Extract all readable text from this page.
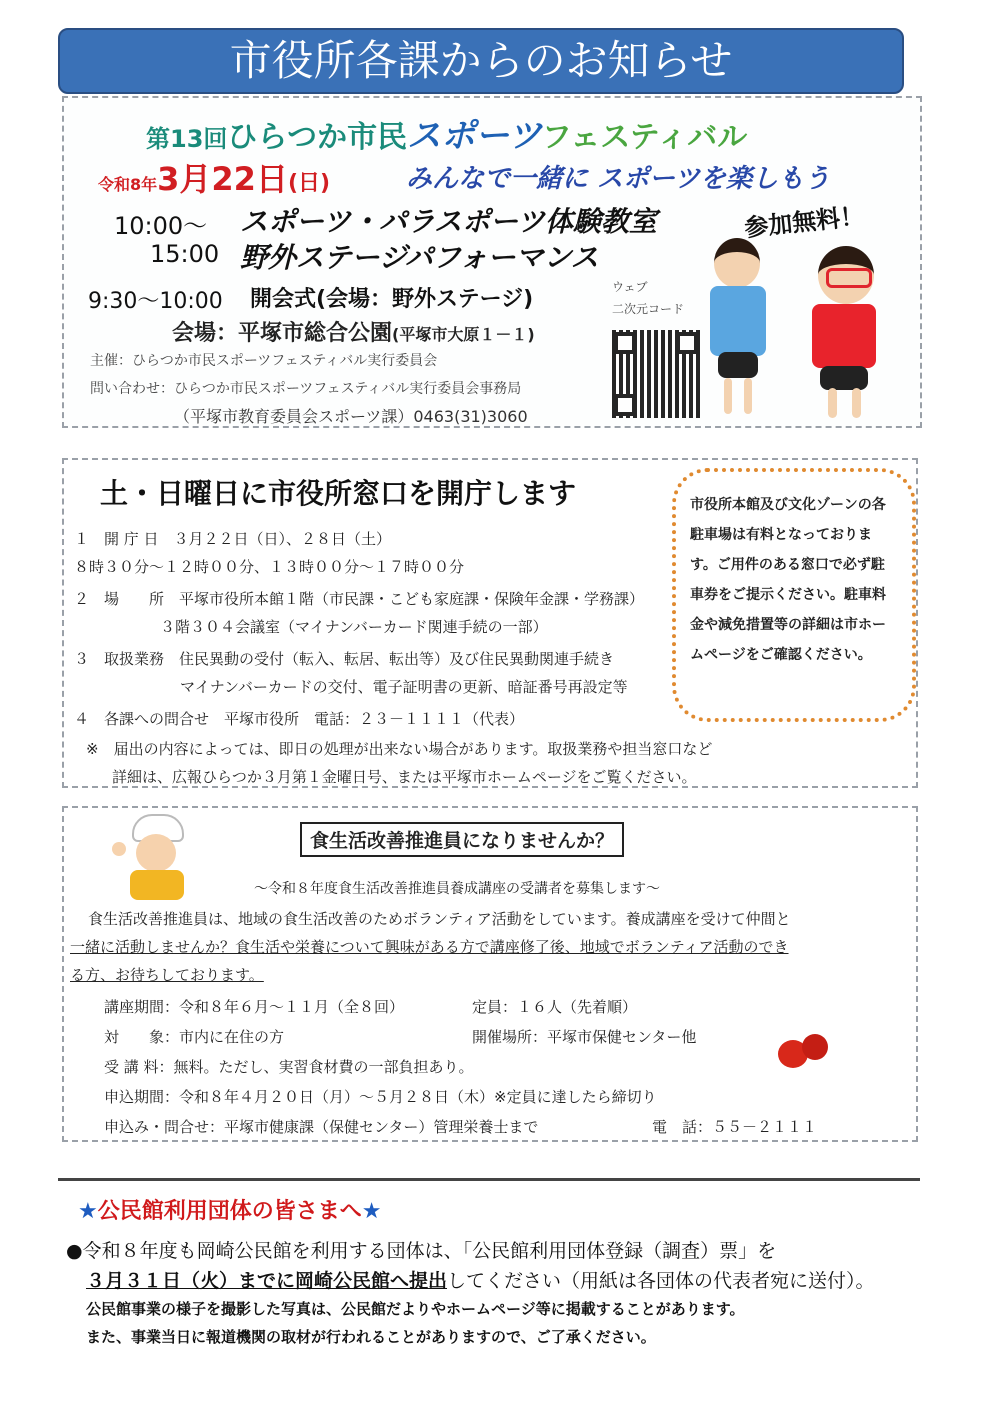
市役所各課からのお知らせ
第13回ひらつか市民スポーツフェスティバル
令和8年3月22日(日)	みんなで一緒に スポーツを楽しもう
10:00～ スポーツ・パラスポーツ体験教室
15:00 野外ステージパフォーマンス
参加無料！
9:30～10:00 開会式(会場：野外ステージ)
会場：平塚市総合公園(平塚市大原１－１)
主催：ひらつか市民スポーツフェスティバル実行委員会
問い合わせ：ひらつか市民スポーツフェスティバル実行委員会事務局
（平塚市教育委員会スポーツ課）0463(31)3060
ウェブ
二次元コード
土・日曜日に市役所窓口を開庁します
１　開 庁 日　３月２２日（日）、２８日（土）
８時３０分～１２時００分、１３時００分～１７時００分
２　場　　所　平塚市役所本館１階（市民課・こども家庭課・保険年金課・学務課）
３階３０４会議室（マイナンバーカード関連手続の一部）
３　取扱業務　住民異動の受付（転入、転居、転出等）及び住民異動関連手続き
マイナンバーカードの交付、電子証明書の更新、暗証番号再設定等
４　各課への問合せ　平塚市役所　電話：２３－１１１１（代表）
※　届出の内容によっては、即日の処理が出来ない場合があります。取扱業務や担当窓口など
詳細は、広報ひらつか３月第１金曜日号、または平塚市ホームページをご覧ください。
市役所本館及び文化ゾーンの各駐車場は有料となっております。ご用件のある窓口で必ず駐車券をご提示ください。駐車料金や減免措置等の詳細は市ホームページをご確認ください。
食生活改善推進員になりませんか？
～令和８年度食生活改善推進員養成講座の受講者を募集します～
食生活改善推進員は、地域の食生活改善のためボランティア活動をしています。養成講座を受けて仲間と
一緒に活動しませんか？食生活や栄養について興味がある方で講座修了後、地域でボランティア活動のでき
る方、お待ちしております。
講座期間：令和８年６月～１１月（全８回）	定員：１６人（先着順）
対　　象：市内に在住の方	開催場所：平塚市保健センター他
受 講 料：無料。ただし、実習食材費の一部負担あり。
申込期間：令和８年４月２０日（月）～５月２８日（木）※定員に達したら締切り
申込み・問合せ：平塚市健康課（保健センター）管理栄養士まで	電　話：５５－２１１１
★公民館利用団体の皆さまへ★
●令和８年度も岡崎公民館を利用する団体は、「公民館利用団体登録（調査）票」を
３月３１日（火）までに岡崎公民館へ提出してください（用紙は各団体の代表者宛に送付）。
公民館事業の様子を撮影した写真は、公民館だよりやホームページ等に掲載することがあります。
また、事業当日に報道機関の取材が行われることがありますので、ご了承ください。
